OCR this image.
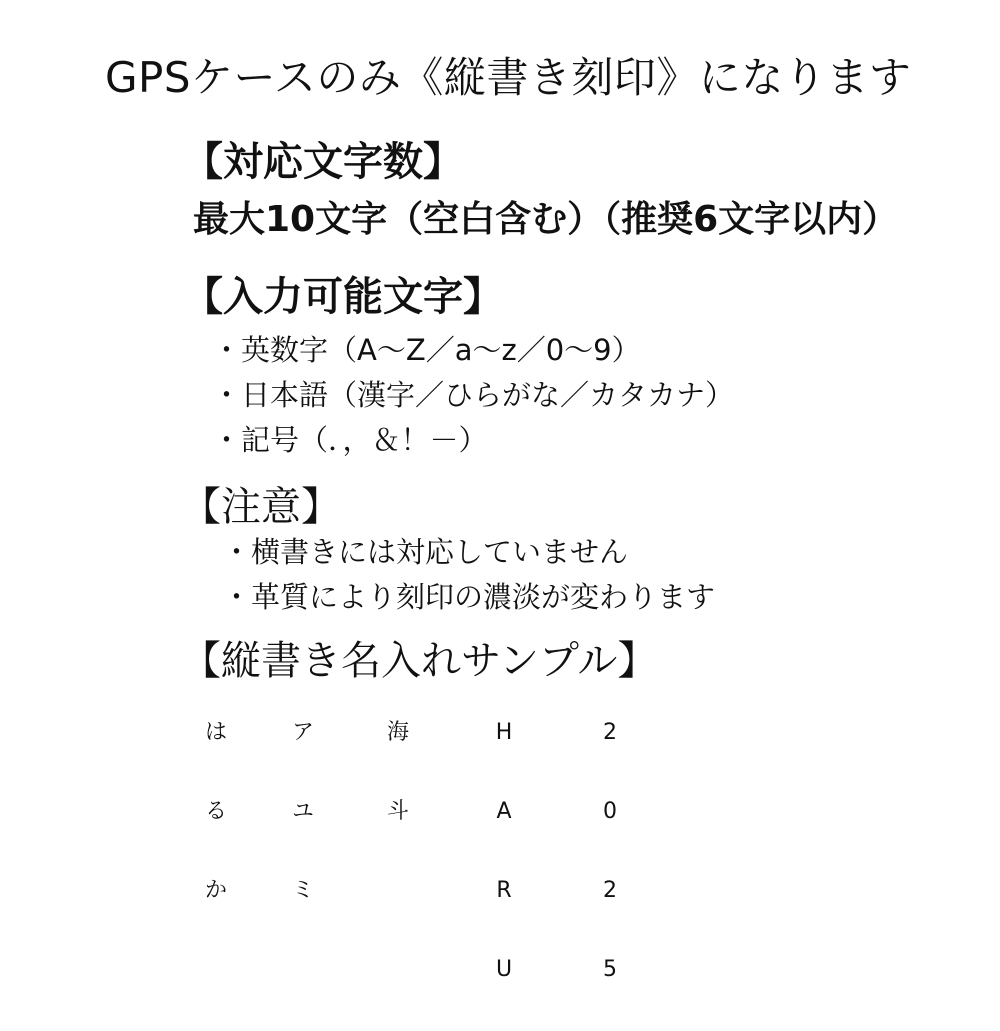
GPSケースのみ《縦書き刻印》になります
【対応文字数】
最大10文字（空白含む）（推奨6文字以内）
【入力可能文字】
・英数字（A～Z／a～z／0～9）
・日本語（漢字／ひらがな／カタカナ）
・記号（．，＆！－）
【注意】
・横書きには対応していません
・革質により刻印の濃淡が変わります
【縦書き名入れサンプル】
は
る
か
ア
ユ
ミ
海
斗
H
A
R
U
2
0
2
5
